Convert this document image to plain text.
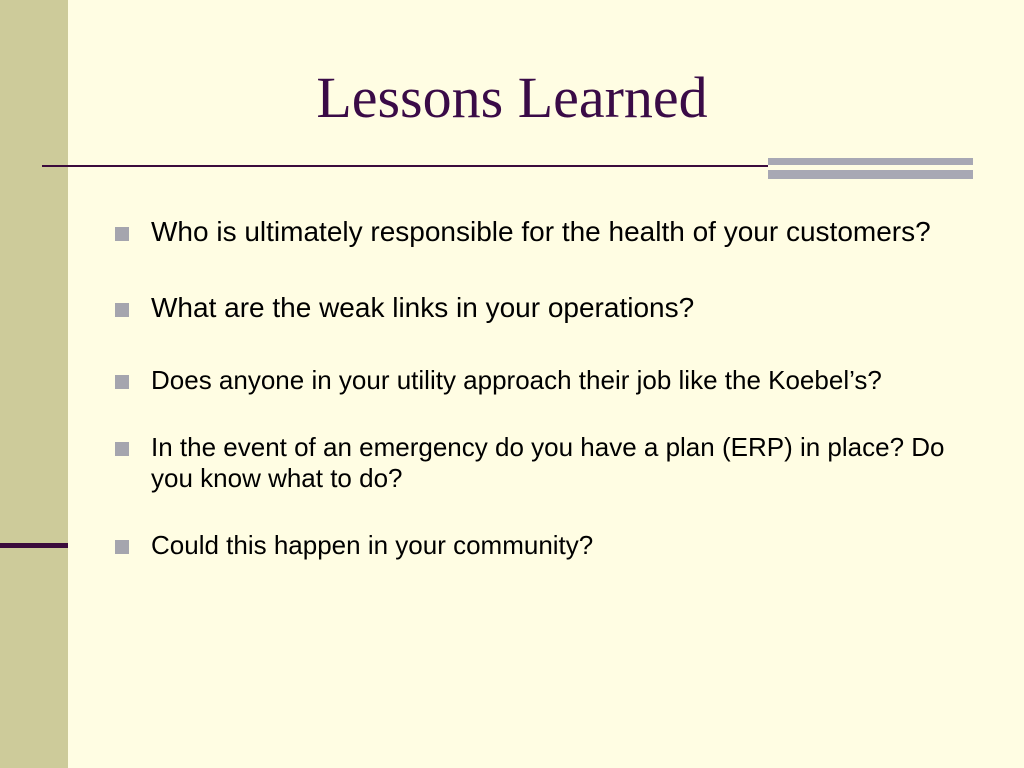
Lessons Learned
Who is ultimately responsible for the health of your customers?
What are the weak links in your operations?
Does anyone in your utility approach their job like the Koebel’s?
In the event of an emergency do you have a plan (ERP) in place? Do you know what to do?
Could this happen in your community?
